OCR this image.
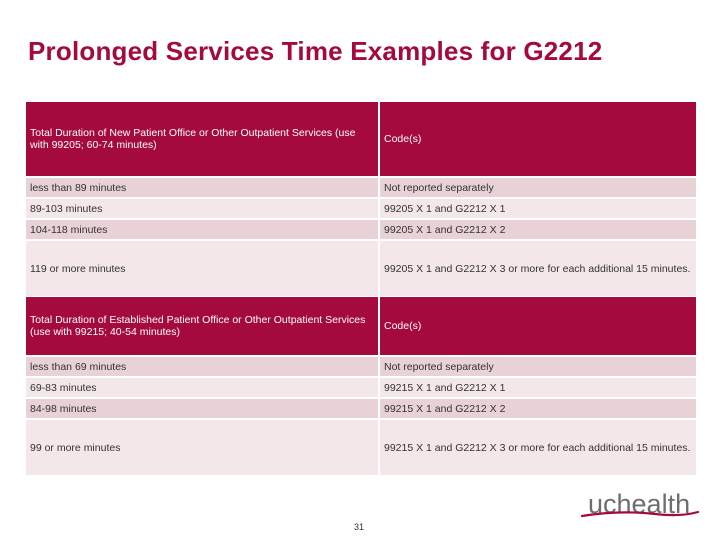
Prolonged Services Time Examples for G2212
Total Duration of New Patient Office or Other Outpatient Services (use with 99205; 60-74 minutes)	Code(s)
less than 89 minutes	Not reported separately
89-103 minutes	99205 X 1 and G2212 X 1
104-118 minutes	99205 X 1 and G2212 X 2
119 or more minutes	99205 X 1 and G2212 X 3 or more for each additional 15 minutes.
Total Duration of Established Patient Office or Other Outpatient Services (use with 99215; 40-54 minutes)	Code(s)
less than 69 minutes	Not reported separately
69-83 minutes	99215 X 1 and G2212 X 1
84-98 minutes	99215 X 1 and G2212 X 2
99 or more minutes	99215 X 1 and G2212 X 3 or more for each additional 15 minutes.
31
uchealth
